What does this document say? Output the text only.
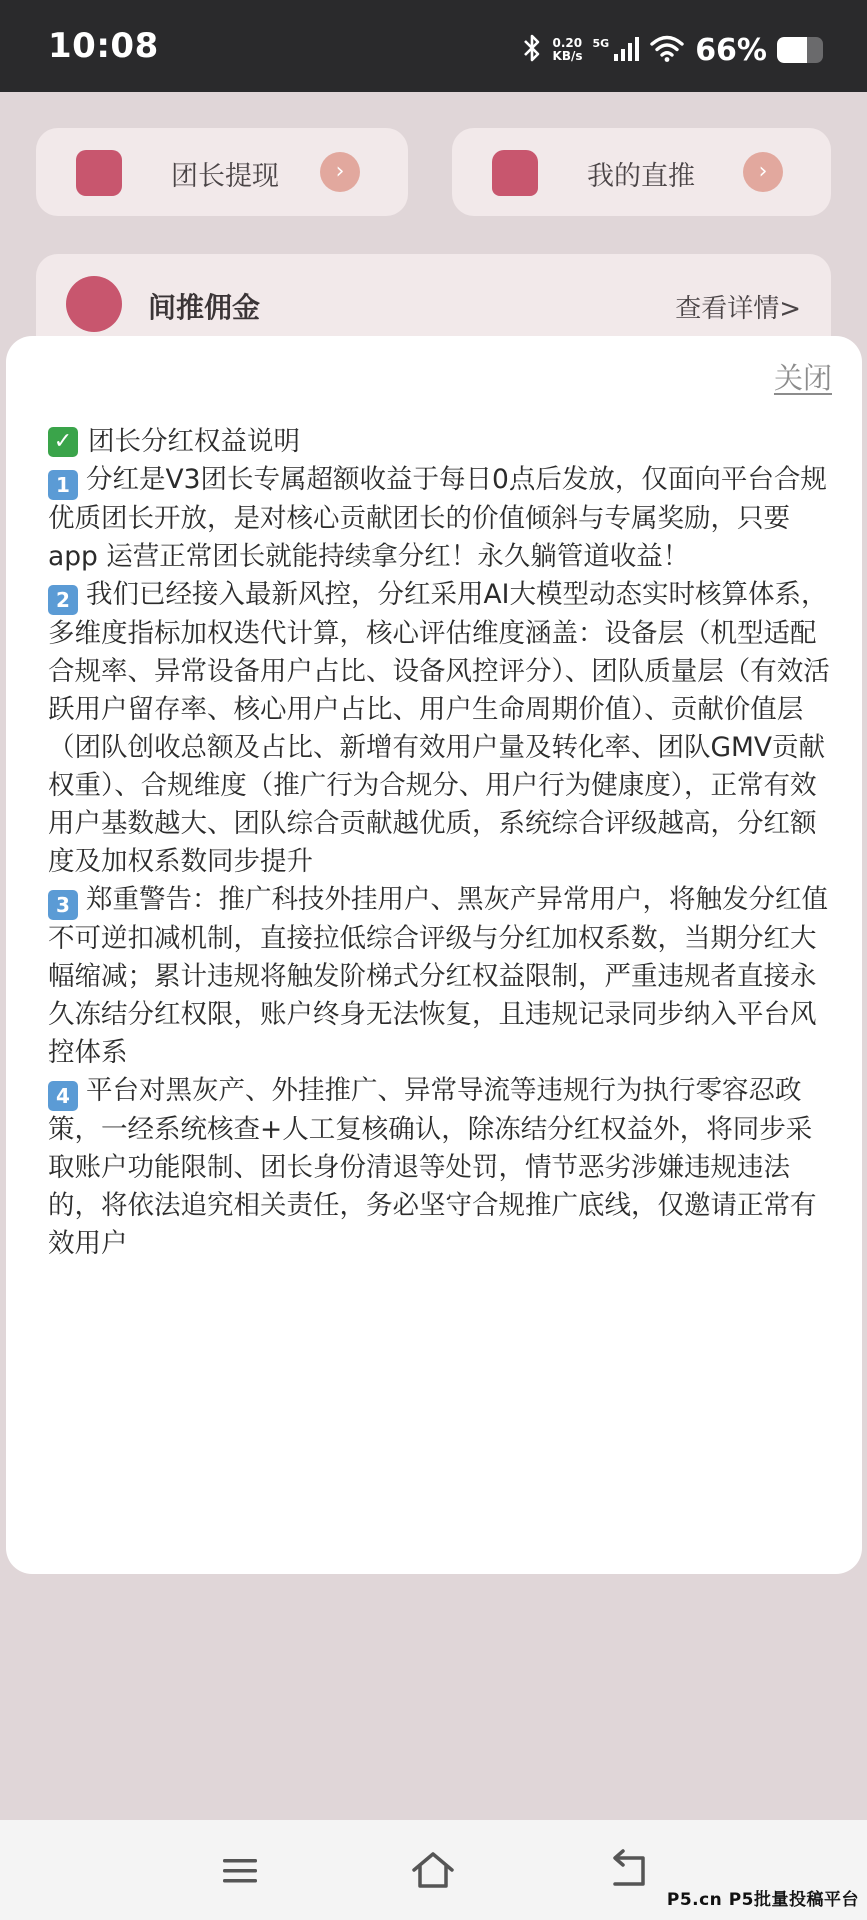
10:08	0.20
KB/s
5G	66%
团长提现	›	我的直推	›
间推佣金	查看详情>
关闭

✓ 团长分红权益说明

1 分红是V3团长专属超额收益于每日0点后发放，仅面向平台合规优质团长开放，是对核心贡献团长的价值倾斜与专属奖励，只要 app 运营正常团长就能持续拿分红！永久躺管道收益！

2 我们已经接入最新风控，分红采用AI大模型动态实时核算体系，多维度指标加权迭代计算，核心评估维度涵盖：设备层（机型适配合规率、异常设备用户占比、设备风控评分）、团队质量层（有效活跃用户留存率、核心用户占比、用户生命周期价值）、贡献价值层（团队创收总额及占比、新增有效用户量及转化率、团队GMV贡献权重）、合规维度（推广行为合规分、用户行为健康度），正常有效用户基数越大、团队综合贡献越优质，系统综合评级越高，分红额度及加权系数同步提升

3 郑重警告：推广科技外挂用户、黑灰产异常用户，将触发分红值不可逆扣减机制，直接拉低综合评级与分红加权系数，当期分红大幅缩减；累计违规将触发阶梯式分红权益限制，严重违规者直接永久冻结分红权限，账户终身无法恢复，且违规记录同步纳入平台风控体系

4 平台对黑灰产、外挂推广、异常导流等违规行为执行零容忍政策，一经系统核查+人工复核确认，除冻结分红权益外，将同步采取账户功能限制、团长身份清退等处罚，情节恶劣涉嫌违规违法的，将依法追究相关责任，务必坚守合规推广底线，仅邀请正常有效用户

P5.cn P5批量投稿平台
